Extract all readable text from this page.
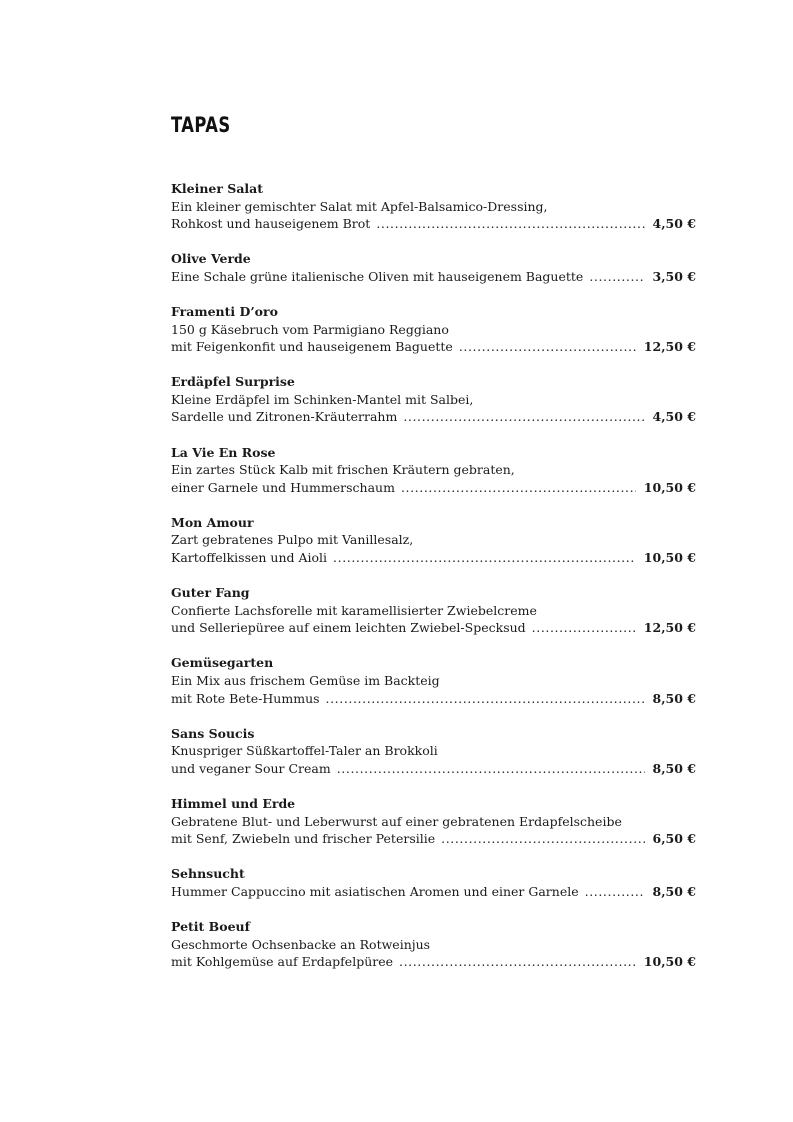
TAPAS
Kleiner Salat
Ein kleiner gemischter Salat mit Apfel-Balsamico-Dressing,
Rohkost und hauseigenem Brot .....	4,50 €
Olive Verde
Eine Schale grüne italienische Oliven mit hauseigenem Baguette .....	3,50 €
Framenti D’oro
150 g Käsebruch vom Parmigiano Reggiano
mit Feigenkonfit und hauseigenem Baguette .....	12,50 €
Erdäpfel Surprise
Kleine Erdäpfel im Schinken-Mantel mit Salbei,
Sardelle und Zitronen-Kräuterrahm .....	4,50 €
La Vie En Rose
Ein zartes Stück Kalb mit frischen Kräutern gebraten,
einer Garnele und Hummerschaum .....	10,50 €
Mon Amour
Zart gebratenes Pulpo mit Vanillesalz,
Kartoffelkissen und Aioli .....	10,50 €
Guter Fang
Confierte Lachsforelle mit karamellisierter Zwiebelcreme
und Selleriepüree auf einem leichten Zwiebel-Specksud .....	12,50 €
Gemüsegarten
Ein Mix aus frischem Gemüse im Backteig
mit Rote Bete-Hummus .....	8,50 €
Sans Soucis
Knuspriger Süßkartoffel-Taler an Brokkoli
und veganer Sour Cream .....	8,50 €
Himmel und Erde
Gebratene Blut- und Leberwurst auf einer gebratenen Erdapfelscheibe
mit Senf, Zwiebeln und frischer Petersilie .....	6,50 €
Sehnsucht
Hummer Cappuccino mit asiatischen Aromen und einer Garnele .....	8,50 €
Petit Boeuf
Geschmorte Ochsenbacke an Rotweinjus
mit Kohlgemüse auf Erdapfelpüree .....	10,50 €
